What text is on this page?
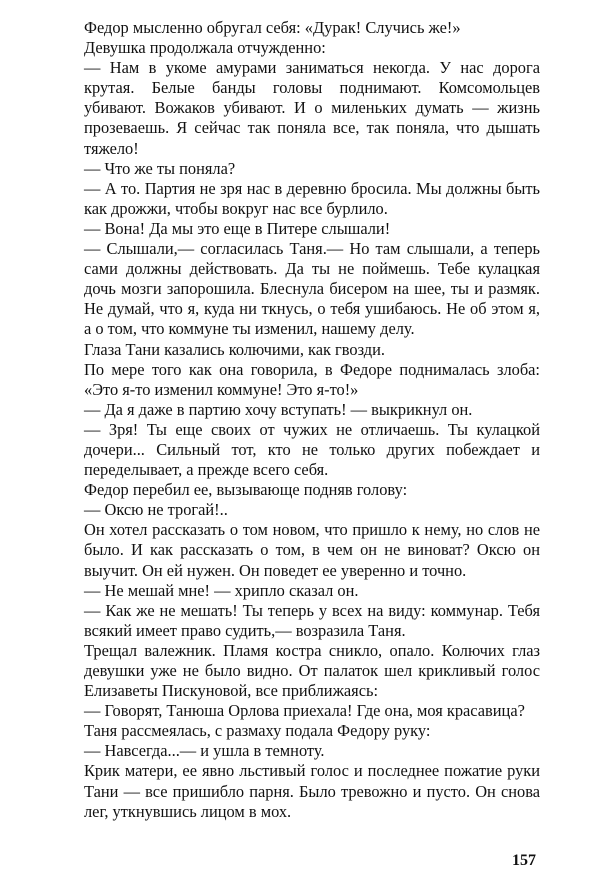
Федор мысленно обругал себя: «Дурак! Случись же!»

Девушка продолжала отчужденно:

— Нам в укоме амурами заниматься некогда. У нас дорога крутая. Белые банды головы поднимают. Комсомольцев убивают. Вожаков убивают. И о миленьких думать — жизнь прозеваешь. Я сейчас так поняла все, так поняла, что дышать тяжело!

— Что же ты поняла?

— А то. Партия не зря нас в деревню бросила. Мы должны быть как дрожжи, чтобы вокруг нас все бурлило.

— Вона! Да мы это еще в Питере слышали!

— Слышали,— согласилась Таня.— Но там слышали, а теперь сами должны действовать. Да ты не поймешь. Тебе кулацкая дочь мозги запорошила. Блеснула бисером на шее, ты и размяк. Не думай, что я, куда ни ткнусь, о тебя ушибаюсь. Не об этом я, а о том, что коммуне ты изменил, нашему делу.

Глаза Тани казались колючими, как гвозди.

По мере того как она говорила, в Федоре поднималась злоба: «Это я-то изменил коммуне! Это я-то!»

— Да я даже в партию хочу вступать! — выкрикнул он.

— Зря! Ты еще своих от чужих не отличаешь. Ты кулацкой дочери... Сильный тот, кто не только других побеждает и переделывает, а прежде всего себя.

Федор перебил ее, вызывающе подняв голову:

— Оксю не трогай!..

Он хотел рассказать о том новом, что пришло к нему, но слов не было. И как рассказать о том, в чем он не виноват? Оксю он выучит. Он ей нужен. Он поведет ее уверенно и точно.

— Не мешай мне! — хрипло сказал он.

— Как же не мешать! Ты теперь у всех на виду: коммунар. Тебя всякий имеет право судить,— возразила Таня.

Трещал валежник. Пламя костра сникло, опало. Колючих глаз девушки уже не было видно. От палаток шел крикливый голос Елизаветы Пискуновой, все приближаясь:

— Говорят, Танюша Орлова приехала! Где она, моя красавица?

Таня рассмеялась, с размаху подала Федору руку:

— Навсегда...— и ушла в темноту.

Крик матери, ее явно льстивый голос и последнее пожатие руки Тани — все пришибло парня. Было тревожно и пусто. Он снова лег, уткнувшись лицом в мох.

157
